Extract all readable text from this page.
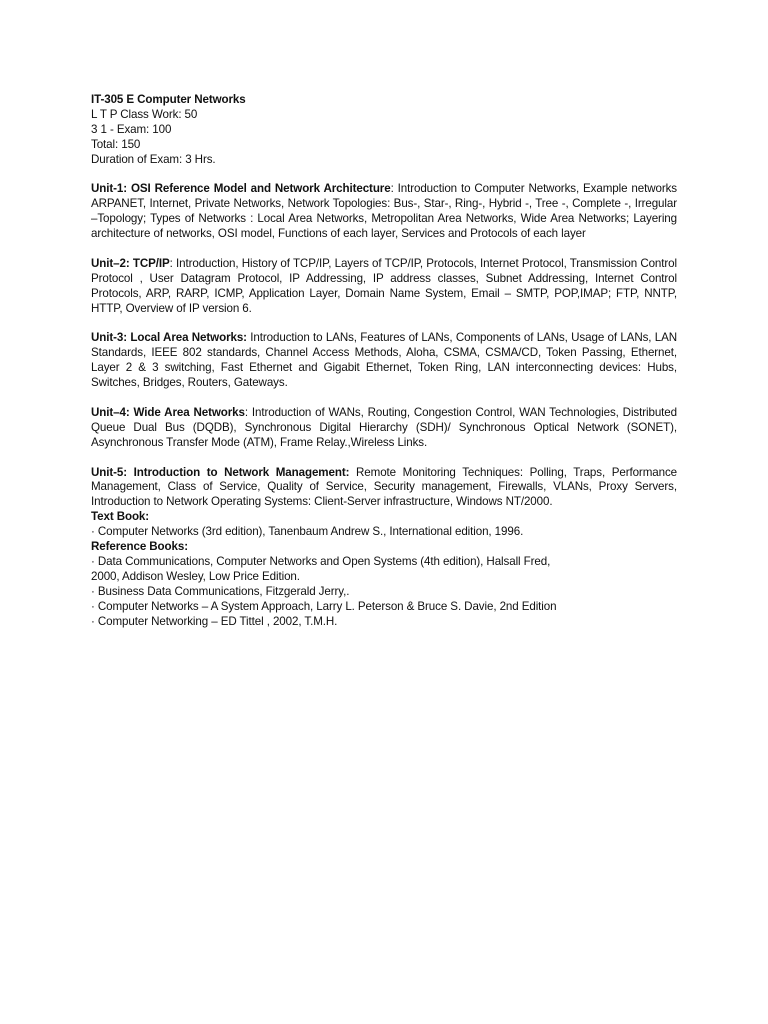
IT-305 E Computer Networks
L T P Class Work: 50
3 1 - Exam: 100
Total: 150
Duration of Exam: 3 Hrs.
Unit-1: OSI Reference Model and Network Architecture: Introduction to Computer Networks, Example networks ARPANET, Internet, Private Networks, Network Topologies: Bus-, Star-, Ring-, Hybrid -, Tree -, Complete -, Irregular –Topology; Types of Networks : Local Area Networks, Metropolitan Area Networks, Wide Area Networks; Layering architecture of networks, OSI model, Functions of each layer, Services and Protocols of each layer
Unit–2: TCP/IP: Introduction, History of TCP/IP, Layers of TCP/IP, Protocols, Internet Protocol, Transmission Control Protocol , User Datagram Protocol, IP Addressing, IP address classes, Subnet Addressing, Internet Control Protocols, ARP, RARP, ICMP, Application Layer, Domain Name System, Email – SMTP, POP,IMAP; FTP, NNTP, HTTP, Overview of IP version 6.
Unit-3: Local Area Networks: Introduction to LANs, Features of LANs, Components of LANs, Usage of LANs, LAN Standards, IEEE 802 standards, Channel Access Methods, Aloha, CSMA, CSMA/CD, Token Passing, Ethernet, Layer 2 & 3 switching, Fast Ethernet and Gigabit Ethernet, Token Ring, LAN interconnecting devices: Hubs, Switches, Bridges, Routers, Gateways.
Unit–4: Wide Area Networks: Introduction of WANs, Routing, Congestion Control, WAN Technologies, Distributed Queue Dual Bus (DQDB), Synchronous Digital Hierarchy (SDH)/ Synchronous Optical Network (SONET), Asynchronous Transfer Mode (ATM), Frame Relay.,Wireless Links.
Unit-5: Introduction to Network Management: Remote Monitoring Techniques: Polling, Traps, Performance Management, Class of Service, Quality of Service, Security management, Firewalls, VLANs, Proxy Servers, Introduction to Network Operating Systems: Client-Server infrastructure, Windows NT/2000.
Text Book:
· Computer Networks (3rd edition), Tanenbaum Andrew S., International edition, 1996.
Reference Books:
· Data Communications, Computer Networks and Open Systems (4th edition), Halsall Fred,
2000, Addison Wesley, Low Price Edition.
· Business Data Communications, Fitzgerald Jerry,.
· Computer Networks – A System Approach, Larry L. Peterson & Bruce S. Davie, 2nd Edition
· Computer Networking – ED Tittel , 2002, T.M.H.
